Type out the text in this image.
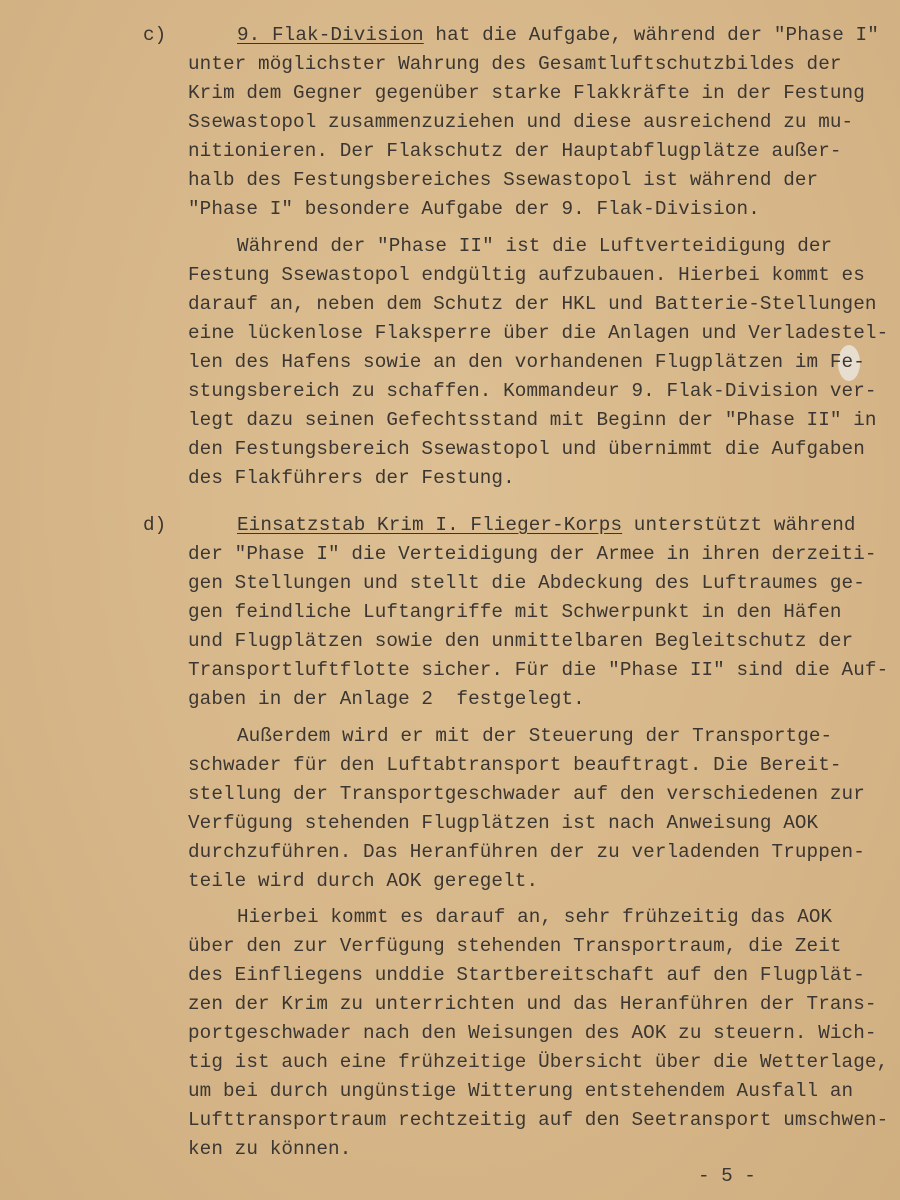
c)	9. Flak-Division hat die Aufgabe, während der "Phase I"
unter möglichster Wahrung des Gesamtluftschutzbildes der
Krim dem Gegner gegenüber starke Flakkräfte in der Festung
Ssewastopol zusammenzuziehen und diese ausreichend zu mu-
nitionieren. Der Flakschutz der Hauptabflugplätze außer-
halb des Festungsbereiches Ssewastopol ist während der
"Phase I" besondere Aufgabe der 9. Flak-Division.
Während der "Phase II" ist die Luftverteidigung der
Festung Ssewastopol endgültig aufzubauen. Hierbei kommt es
darauf an, neben dem Schutz der HKL und Batterie-Stellungen
eine lückenlose Flaksperre über die Anlagen und Verladestel-
len des Hafens sowie an den vorhandenen Flugplätzen im Fe-
stungsbereich zu schaffen. Kommandeur 9. Flak-Division ver-
legt dazu seinen Gefechtsstand mit Beginn der "Phase II" in
den Festungsbereich Ssewastopol und übernimmt die Aufgaben
des Flakführers der Festung.
d)	Einsatzstab Krim I. Flieger-Korps unterstützt während
der "Phase I" die Verteidigung der Armee in ihren derzeiti-
gen Stellungen und stellt die Abdeckung des Luftraumes ge-
gen feindliche Luftangriffe mit Schwerpunkt in den Häfen
und Flugplätzen sowie den unmittelbaren Begleitschutz der
Transportluftflotte sicher. Für die "Phase II" sind die Auf-
gaben in der Anlage 2  festgelegt.
Außerdem wird er mit der Steuerung der Transportge-
schwader für den Luftabtransport beauftragt. Die Bereit-
stellung der Transportgeschwader auf den verschiedenen zur
Verfügung stehenden Flugplätzen ist nach Anweisung AOK
durchzuführen. Das Heranführen der zu verladenden Truppen-
teile wird durch AOK geregelt.
Hierbei kommt es darauf an, sehr frühzeitig das AOK
über den zur Verfügung stehenden Transportraum, die Zeit
des Einfliegens unddie Startbereitschaft auf den Flugplät-
zen der Krim zu unterrichten und das Heranführen der Trans-
portgeschwader nach den Weisungen des AOK zu steuern. Wich-
tig ist auch eine frühzeitige Übersicht über die Wetterlage,
um bei durch ungünstige Witterung entstehendem Ausfall an
Lufttransportraum rechtzeitig auf den Seetransport umschwen-
ken zu können.
- 5 -
